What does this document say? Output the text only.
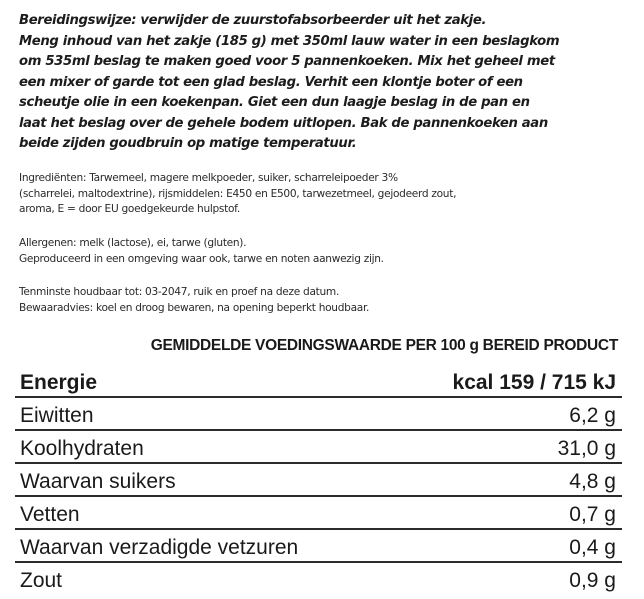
Bereidingswijze: verwijder de zuurstofabsorbeerder uit het zakje.
Meng inhoud van het zakje (185 g) met 350ml lauw water in een beslagkom
om 535ml beslag te maken goed voor 5 pannenkoeken. Mix het geheel met
een mixer of garde tot een glad beslag. Verhit een klontje boter of een
scheutje olie in een koekenpan. Giet een dun laagje beslag in de pan en
laat het beslag over de gehele bodem uitlopen. Bak de pannenkoeken aan
beide zijden goudbruin op matige temperatuur.
Ingrediënten: Tarwemeel, magere melkpoeder, suiker, scharreleipoeder 3%
(scharrelei, maltodextrine), rijsmiddelen: E450 en E500, tarwezetmeel, gejodeerd zout,
aroma, E = door EU goedgekeurde hulpstof.
Allergenen: melk (lactose), ei, tarwe (gluten).
Geproduceerd in een omgeving waar ook, tarwe en noten aanwezig zijn.
Tenminste houdbaar tot: 03-2047, ruik en proef na deze datum.
Bewaaradvies: koel en droog bewaren, na opening beperkt houdbaar.
GEMIDDELDE VOEDINGSWAARDE PER 100 g BEREID PRODUCT
Energie	kcal 159 / 715 kJ
Eiwitten	6,2 g
Koolhydraten	31,0 g
Waarvan suikers	4,8 g
Vetten	0,7 g
Waarvan verzadigde vetzuren	0,4 g
Zout	0,9 g
